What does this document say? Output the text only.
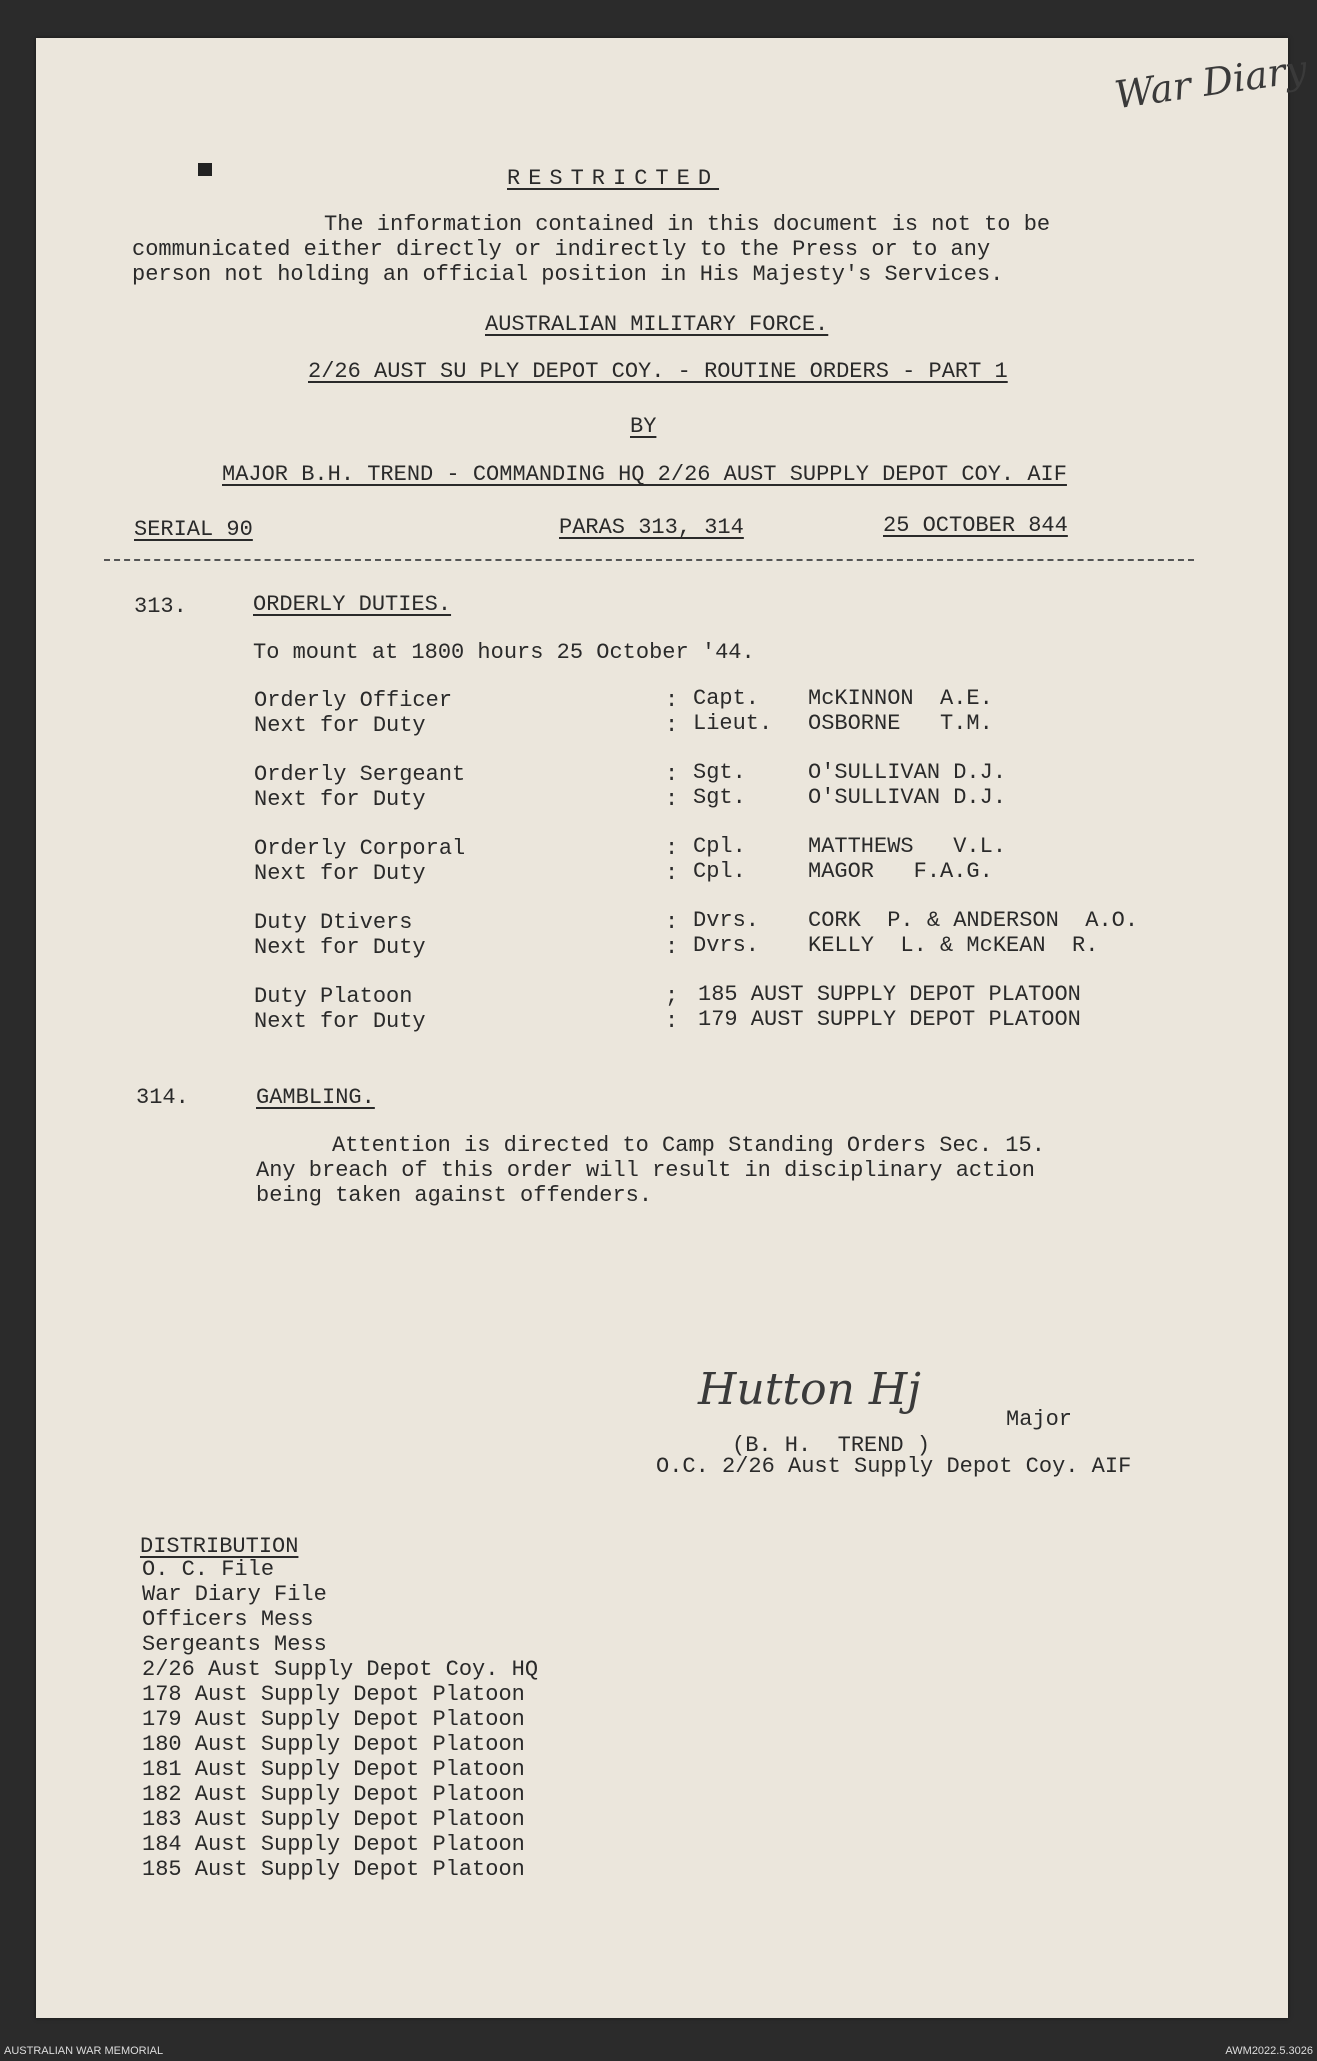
War Diary
RESTRICTED
The information contained in this document is not to be
communicated either directly or indirectly to the Press or to any
person not holding an official position in His Majesty's Services.
AUSTRALIAN MILITARY FORCE.
2/26 AUST SU PLY DEPOT COY. - ROUTINE ORDERS - PART 1
BY
MAJOR B.H. TREND - COMMANDING HQ 2/26 AUST SUPPLY DEPOT COY. AIF
SERIAL 90	PARAS 313, 314	25 OCTOBER 844
313.	ORDERLY DUTIES.
To mount at 1800 hours 25 October '44.
Orderly Officer	: Capt. McKINNON  A.E.
Next for Duty	: Lieut. OSBORNE   T.M.
Orderly Sergeant	: Sgt.	O'SULLIVAN D.J.
Next for Duty	: Sgt.	O'SULLIVAN D.J.
Orderly Corporal	: Cpl.	MATTHEWS   V.L.
Next for Duty	: Cpl.	MAGOR   F.A.G.
Duty Dtivers	: Dvrs. CORK  P. & ANDERSON  A.O.
Next for Duty	: Dvrs. KELLY  L. & McKEAN  R.
Duty Platoon	; 185 AUST SUPPLY DEPOT PLATOON
Next for Duty	: 179 AUST SUPPLY DEPOT PLATOON
314.	GAMBLING.
Attention is directed to Camp Standing Orders Sec. 15.
Any breach of this order will result in disciplinary action
being taken against offenders.
Hutton Hj
Major
(B. H.  TREND )
O.C. 2/26 Aust Supply Depot Coy. AIF
DISTRIBUTION
O. C. File
War Diary File
Officers Mess
Sergeants Mess
2/26 Aust Supply Depot Coy. HQ
178 Aust Supply Depot Platoon
179 Aust Supply Depot Platoon
180 Aust Supply Depot Platoon
181 Aust Supply Depot Platoon
182 Aust Supply Depot Platoon
183 Aust Supply Depot Platoon
184 Aust Supply Depot Platoon
185 Aust Supply Depot Platoon
AUSTRALIAN WAR MEMORIAL	AWM2022.5.3026
